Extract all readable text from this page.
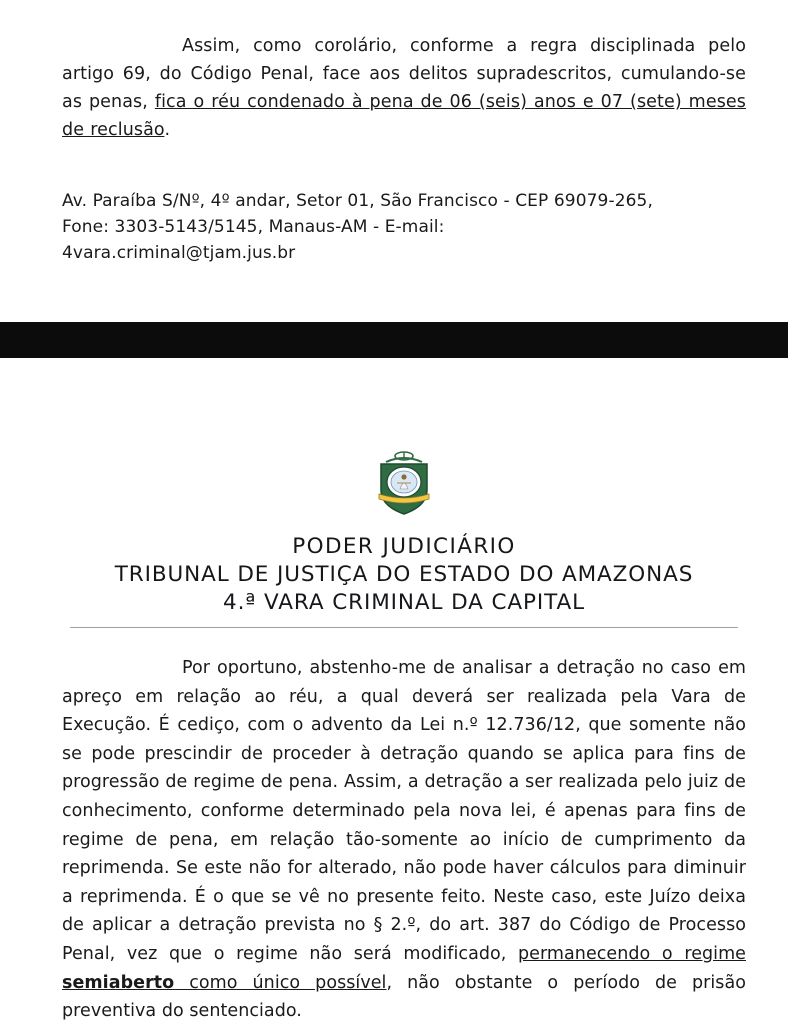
Assim, como corolário, conforme a regra disciplinada pelo artigo 69, do Código Penal, face aos delitos supradescritos, cumulando-se as penas, fica o réu condenado à pena de 06 (seis) anos e 07 (sete) meses de reclusão.

Av. Paraíba S/Nº, 4º andar, Setor 01, São Francisco - CEP 69079-265,
Fone: 3303-5143/5145, Manaus-AM - E-mail:
4vara.criminal@tjam.jus.br
PODER JUDICIÁRIO
TRIBUNAL DE JUSTIÇA DO ESTADO DO AMAZONAS
4.ª VARA CRIMINAL DA CAPITAL

Por oportuno, abstenho-me de analisar a detração no caso em apreço em relação ao réu, a qual deverá ser realizada pela Vara de Execução. É cediço, com o advento da Lei n.º 12.736/12, que somente não se pode prescindir de proceder à detração quando se aplica para fins de progressão de regime de pena. Assim, a detração a ser realizada pelo juiz de conhecimento, conforme determinado pela nova lei, é apenas para fins de regime de pena, em relação tão-somente ao início de cumprimento da reprimenda. Se este não for alterado, não pode haver cálculos para diminuir a reprimenda. É o que se vê no presente feito. Neste caso, este Juízo deixa de aplicar a detração prevista no § 2.º, do art. 387 do Código de Processo Penal, vez que o regime não será modificado, permanecendo o regime semiaberto como único possível, não obstante o período de prisão preventiva do sentenciado.
